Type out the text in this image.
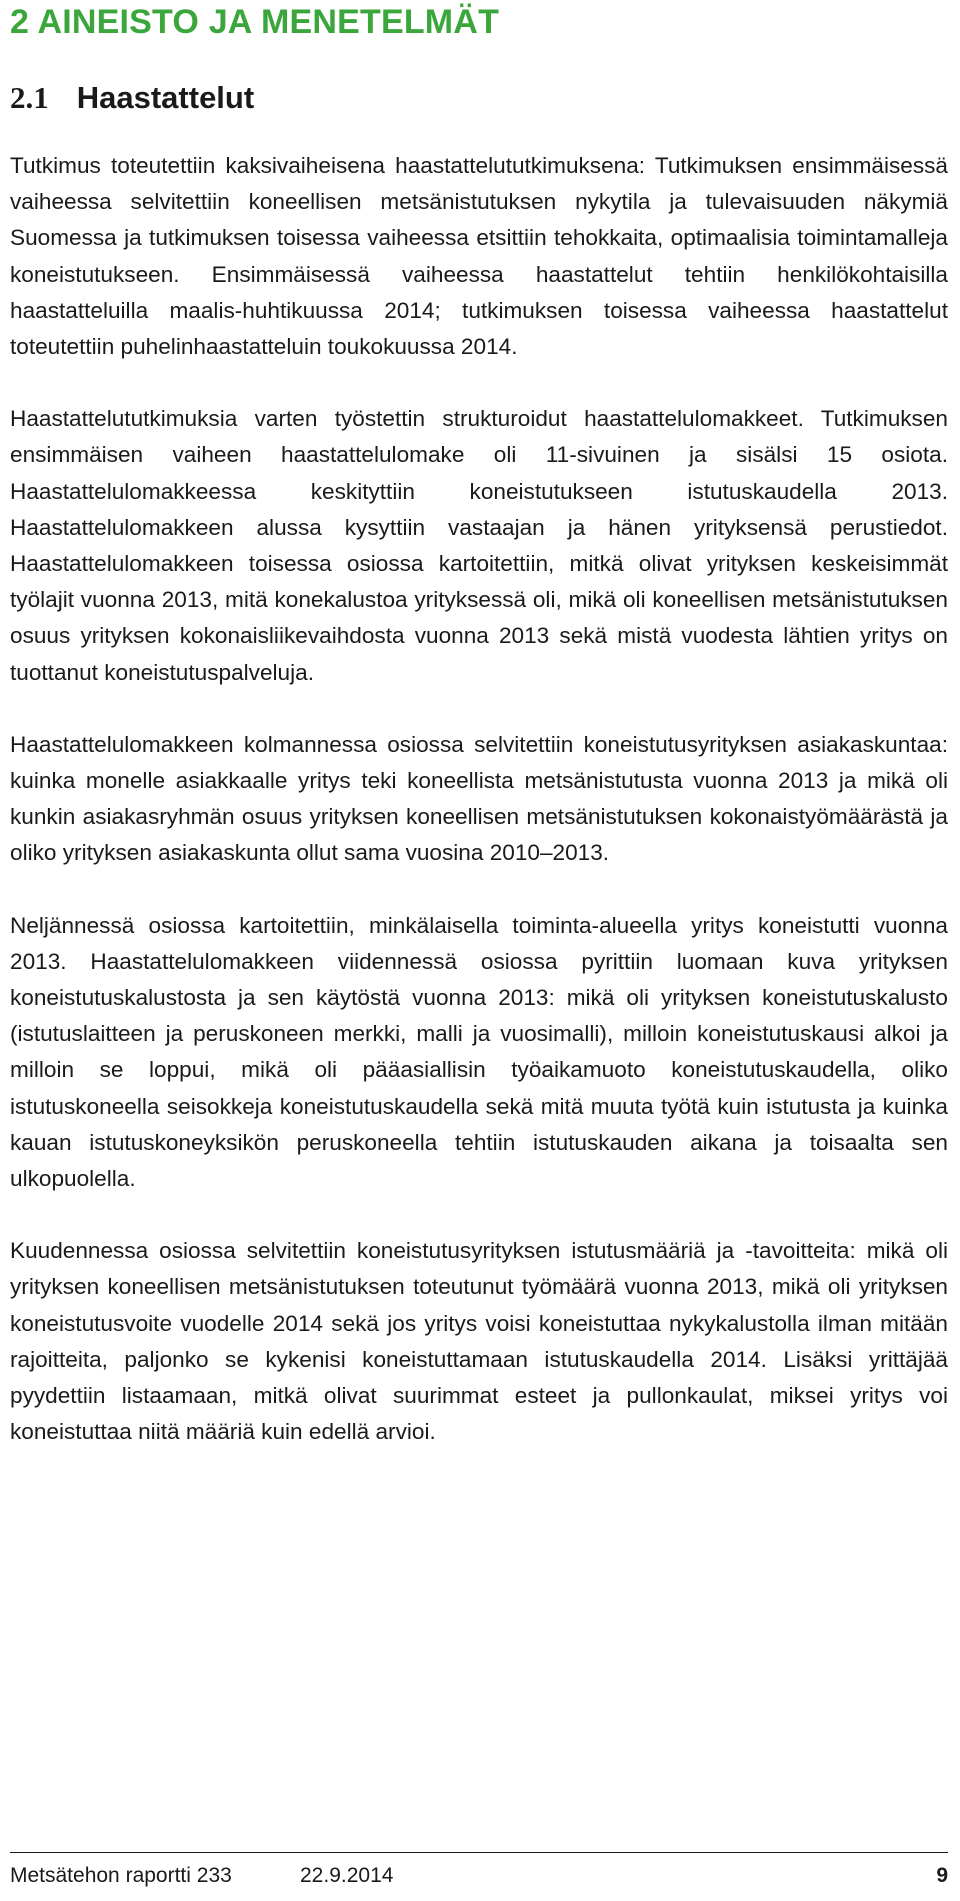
2 AINEISTO JA MENETELMÄT
2.1 Haastattelut

Tutkimus toteutettiin kaksivaiheisena haastattelututkimuksena: Tutkimuksen ensimmäisessä vaiheessa selvitettiin koneellisen metsänistutuksen nykytila ja tulevaisuuden näkymiä Suomessa ja tutkimuksen toisessa vaiheessa etsittiin tehokkaita, optimaalisia toimintamalleja koneistutukseen. Ensimmäisessä vaiheessa haastattelut tehtiin henkilökohtaisilla haastatteluilla maalis-huhtikuussa 2014; tutkimuksen toisessa vaiheessa haastattelut toteutettiin puhelinhaastatteluin toukokuussa 2014.

Haastattelututkimuksia varten työstettin strukturoidut haastattelulomakkeet. Tutkimuksen ensimmäisen vaiheen haastattelulomake oli 11-sivuinen ja sisälsi 15 osiota. Haastattelulomakkeessa keskityttiin koneistutukseen istutuskaudella 2013. Haastattelulomakkeen alussa kysyttiin vastaajan ja hänen yrityksensä perustiedot. Haastattelulomakkeen toisessa osiossa kartoitettiin, mitkä olivat yrityksen keskeisimmät työlajit vuonna 2013, mitä konekalustoa yrityksessä oli, mikä oli koneellisen metsänistutuksen osuus yrityksen kokonaisliikevaihdosta vuonna 2013 sekä mistä vuodesta lähtien yritys on tuottanut koneistutuspalveluja.

Haastattelulomakkeen kolmannessa osiossa selvitettiin koneistutusyrityksen asiakaskuntaa: kuinka monelle asiakkaalle yritys teki koneellista metsänistutusta vuonna 2013 ja mikä oli kunkin asiakasryhmän osuus yrityksen koneellisen metsänistutuksen kokonaistyömäärästä ja oliko yrityksen asiakaskunta ollut sama vuosina 2010–2013.

Neljännessä osiossa kartoitettiin, minkälaisella toiminta-alueella yritys koneistutti vuonna 2013. Haastattelulomakkeen viidennessä osiossa pyrittiin luomaan kuva yrityksen koneistutuskalustosta ja sen käytöstä vuonna 2013: mikä oli yrityksen koneistutuskalusto (istutuslaitteen ja peruskoneen merkki, malli ja vuosimalli), milloin koneistutuskausi alkoi ja milloin se loppui, mikä oli pääasiallisin työaikamuoto koneistutuskaudella, oliko istutuskoneella seisokkeja koneistutuskaudella sekä mitä muuta työtä kuin istutusta ja kuinka kauan istutuskoneyksikön peruskoneella tehtiin istutuskauden aikana ja toisaalta sen ulkopuolella.

Kuudennessa osiossa selvitettiin koneistutusyrityksen istutusmääriä ja -tavoitteita: mikä oli yrityksen koneellisen metsänistutuksen toteutunut työmäärä vuonna 2013, mikä oli yrityksen koneistutusvoite vuodelle 2014 sekä jos yritys voisi koneistuttaa nykykalustolla ilman mitään rajoitteita, paljonko se kykenisi koneistuttamaan istutuskaudella 2014. Lisäksi yrittäjää pyydettiin listaamaan, mitkä olivat suurimmat esteet ja pullonkaulat, miksei yritys voi koneistuttaa niitä määriä kuin edellä arvioi.

Metsätehon raportti 233	22.9.2014	9
